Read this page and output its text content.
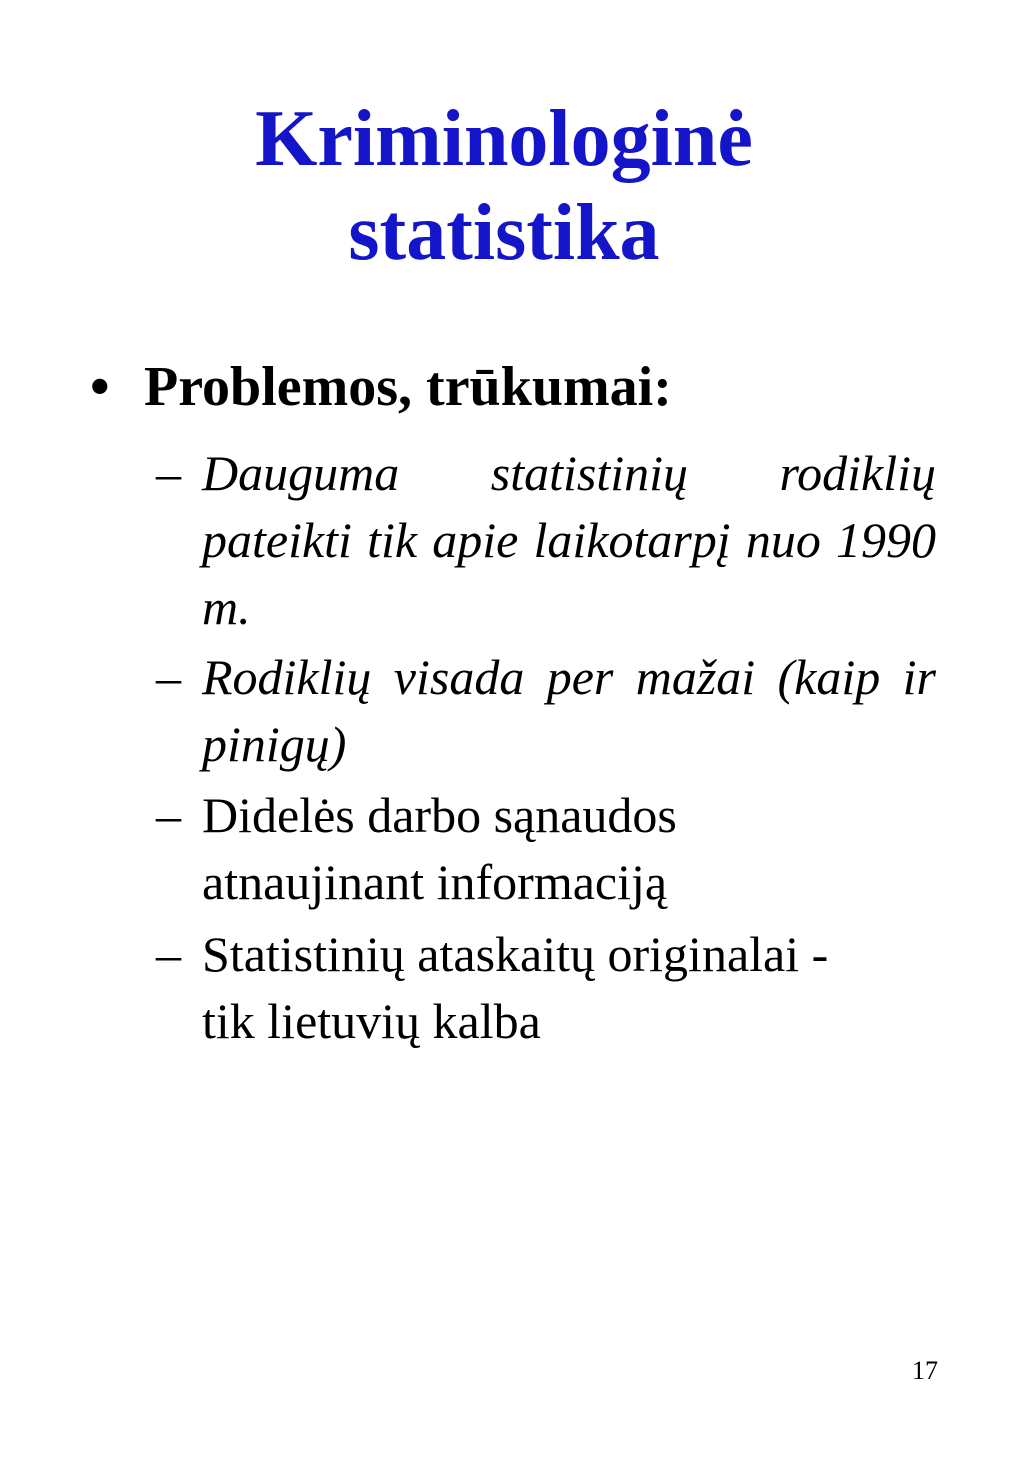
Kriminologinė
statistika
• Problemos, trūkumai:
– Dauguma statistinių rodiklių pateikti tik apie laikotarpį nuo 1990 m.
– Rodiklių visada per mažai (kaip ir pinigų)
– Didelės darbo sąnaudos
atnaujinant informaciją
– Statistinių ataskaitų originalai -
tik lietuvių kalba
17
